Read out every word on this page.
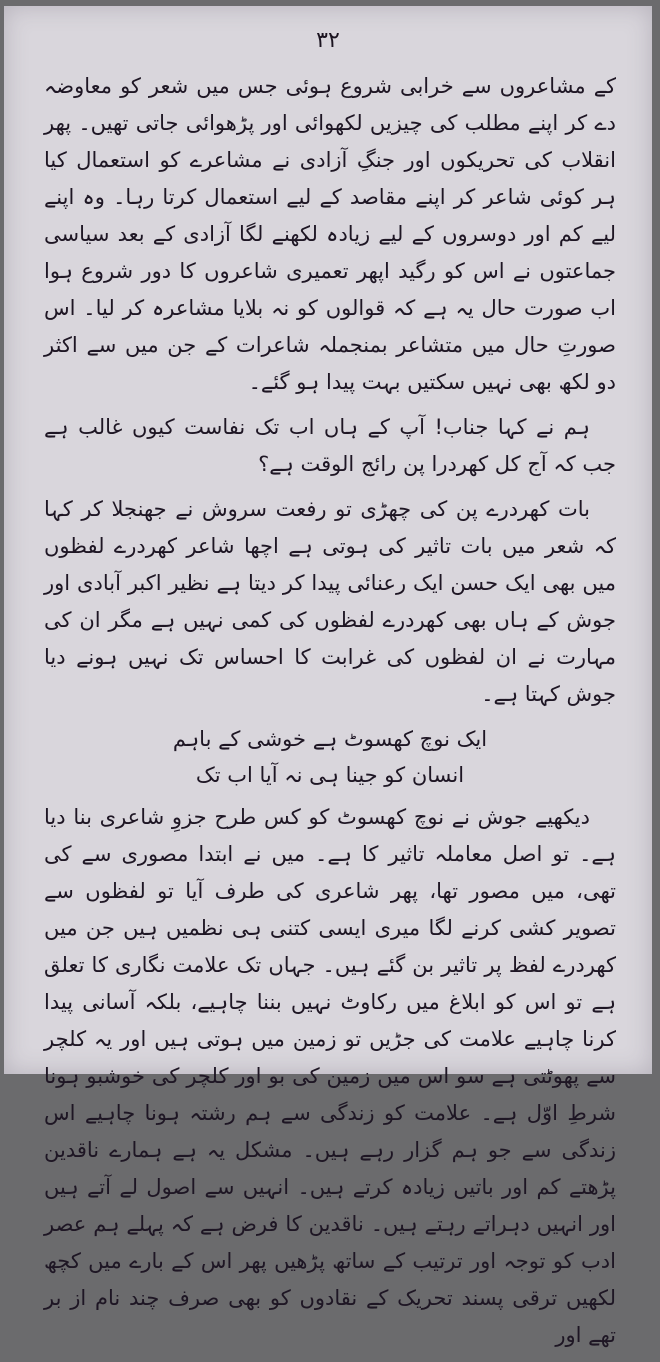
۳۲

کے مشاعروں سے خرابی شروع ہوئی جس میں شعر کو معاوضہ دے کر اپنے مطلب کی چیزیں لکھوائی اور پڑھوائی جاتی تھیں۔ پھر انقلاب کی تحریکوں اور جنگِ آزادی نے مشاعرے کو استعمال کیا ہر کوئی شاعر کر اپنے مقاصد کے لیے استعمال کرتا رہا۔ وہ اپنے لیے کم اور دوسروں کے لیے زیادہ لکھنے لگا آزادی کے بعد سیاسی جماعتوں نے اس کو رگید اپھر تعمیری شاعروں کا دور شروع ہوا اب صورت حال یہ ہے کہ قوالوں کو نہ بلایا مشاعرہ کر لیا۔ اس صورتِ حال میں متشاعر بمنجملہ شاعرات کے جن میں سے اکثر دو لکھ بھی نہیں سکتیں بہت پیدا ہو گئے۔

ہم نے کہا جناب! آپ کے ہاں اب تک نفاست کیوں غالب ہے جب کہ آج کل کھردرا پن رائج الوقت ہے؟

بات کھردرے پن کی چھڑی تو رفعت سروش نے جھنجلا کر کہا کہ شعر میں بات تاثیر کی ہوتی ہے اچھا شاعر کھردرے لفظوں میں بھی ایک حسن ایک رعنائی پیدا کر دیتا ہے نظیر اکبر آبادی اور جوش کے ہاں بھی کھردرے لفظوں کی کمی نہیں ہے مگر ان کی مہارت نے ان لفظوں کی غرابت کا احساس تک نہیں ہونے دیا جوش کہتا ہے۔

ایک نوچ کھسوٹ ہے خوشی کے باہم

انسان کو جینا ہی نہ آیا اب تک

دیکھیے جوش نے نوچ کھسوٹ کو کس طرح جزوِ شاعری بنا دیا ہے۔ تو اصل معاملہ تاثیر کا ہے۔ میں نے ابتدا مصوری سے کی تھی، میں مصور تھا، پھر شاعری کی طرف آیا تو لفظوں سے تصویر کشی کرنے لگا میری ایسی کتنی ہی نظمیں ہیں جن میں کھردرے لفظ پر تاثیر بن گئے ہیں۔ جہاں تک علامت نگاری کا تعلق ہے تو اس کو ابلاغ میں رکاوٹ نہیں بننا چاہیے، بلکہ آسانی پیدا کرنا چاہیے علامت کی جڑیں تو زمین میں ہوتی ہیں اور یہ کلچر سے پھوٹتی ہے سو اس میں زمین کی بو اور کلچر کی خوشبو ہونا شرطِ اوّل ہے۔ علامت کو زندگی سے ہم رشتہ ہونا چاہیے اس زندگی سے جو ہم گزار رہے ہیں۔ مشکل یہ ہے ہمارے ناقدین پڑھتے کم اور باتیں زیادہ کرتے ہیں۔ انہیں سے اصول لے آتے ہیں اور انہیں دہراتے رہتے ہیں۔ ناقدین کا فرض ہے کہ پہلے ہم عصر ادب کو توجہ اور ترتیب کے ساتھ پڑھیں پھر اس کے بارے میں کچھ لکھیں ترقی پسند تحریک کے نقادوں کو بھی صرف چند نام از بر تھے اور
